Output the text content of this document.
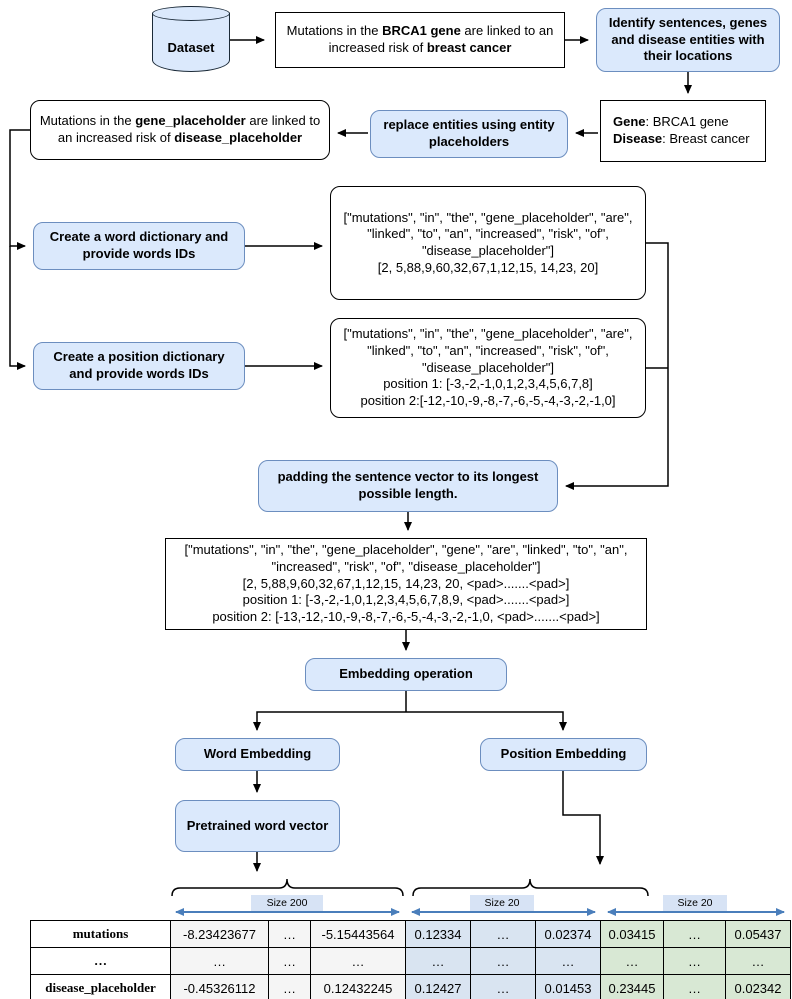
Dataset
Mutations in the BRCA1 gene are linked to an increased risk of breast cancer
Identify sentences, genes and disease entities with their locations
Gene: BRCA1 gene
Disease: Breast cancer
replace entities using entity placeholders
Mutations in the gene_placeholder are linked to an increased risk of disease_placeholder
Create a word dictionary and provide words IDs
["mutations", "in", "the", "gene_placeholder", "are", "linked", "to", "an", "increased", "risk", "of", "disease_placeholder"]
[2, 5,88,9,60,32,67,1,12,15, 14,23, 20]
Create a position dictionary and provide words IDs
["mutations", "in", "the", "gene_placeholder", "are", "linked", "to", "an", "increased", "risk", "of", "disease_placeholder"]
position 1: [-3,-2,-1,0,1,2,3,4,5,6,7,8]
position 2:[-12,-10,-9,-8,-7,-6,-5,-4,-3,-2,-1,0]
padding the sentence vector to its longest possible length.
["mutations", "in", "the", "gene_placeholder", "gene", "are", "linked", "to", "an", "increased", "risk", "of", "disease_placeholder"]
[2, 5,88,9,60,32,67,1,12,15, 14,23, 20, <pad>.......<pad>]
position 1: [-3,-2,-1,0,1,2,3,4,5,6,7,8,9, <pad>.......<pad>]
position 2: [-13,-12,-10,-9,-8,-7,-6,-5,-4,-3,-2,-1,0, <pad>.......<pad>]
Embedding operation
Word Embedding	Position Embedding
Pretrained word vector
Size 200	Size 20	Size 20
mutations	-8.23423677	…	-5.15443564	0.12334	…	0.02374	0.03415	…	0.05437
…	…	…	…	…	…	…	…	…	…
disease_placeholder	-0.45326112	…	0.12432245	0.12427	…	0.01453	0.23445	…	0.02342
